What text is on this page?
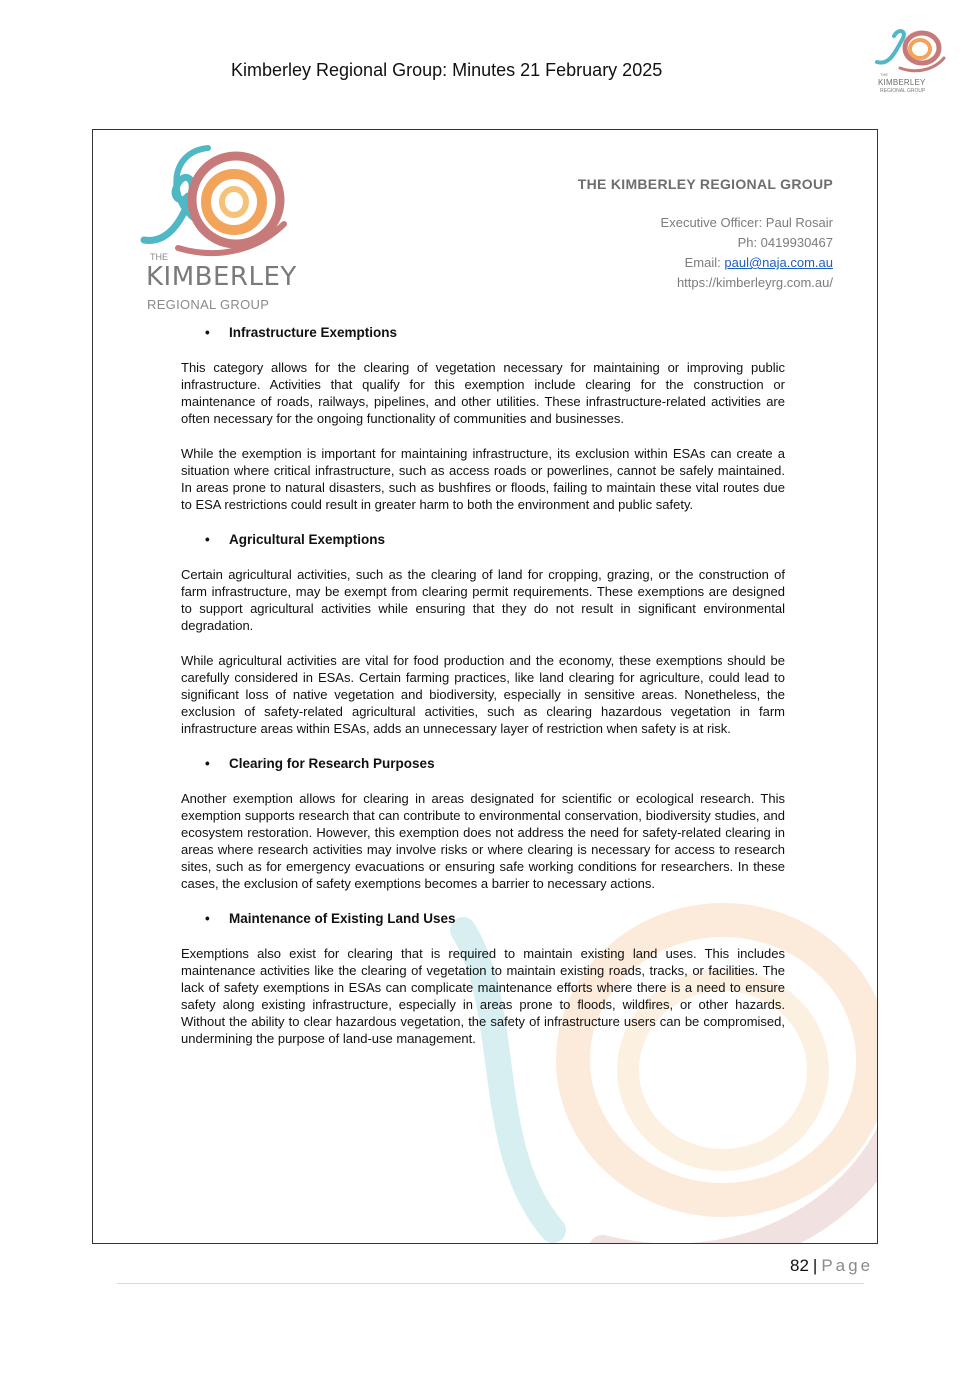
Kimberley Regional Group: Minutes 21 February 2025	THE
KIMBERLEY
REGIONAL GROUP
THE
KIMBERLEY
REGIONAL GROUP
THE KIMBERLEY REGIONAL GROUP
Executive Officer: Paul Rosair
Ph: 0419930467
Email: paul@naja.com.au
https://kimberleyrg.com.au/
•	Infrastructure Exemptions

This category allows for the clearing of vegetation necessary for maintaining or improving public infrastructure. Activities that qualify for this exemption include clearing for the construction or maintenance of roads, railways, pipelines, and other utilities. These infrastructure-related activities are often necessary for the ongoing functionality of communities and businesses.

While the exemption is important for maintaining infrastructure, its exclusion within ESAs can create a situation where critical infrastructure, such as access roads or powerlines, cannot be safely maintained. In areas prone to natural disasters, such as bushfires or floods, failing to maintain these vital routes due to ESA restrictions could result in greater harm to both the environment and public safety.

•	Agricultural Exemptions

Certain agricultural activities, such as the clearing of land for cropping, grazing, or the construction of farm infrastructure, may be exempt from clearing permit requirements. These exemptions are designed to support agricultural activities while ensuring that they do not result in significant environmental degradation.

While agricultural activities are vital for food production and the economy, these exemptions should be carefully considered in ESAs. Certain farming practices, like land clearing for agriculture, could lead to significant loss of native vegetation and biodiversity, especially in sensitive areas. Nonetheless, the exclusion of safety-related agricultural activities, such as clearing hazardous vegetation in farm infrastructure areas within ESAs, adds an unnecessary layer of restriction when safety is at risk.

•	Clearing for Research Purposes

Another exemption allows for clearing in areas designated for scientific or ecological research. This exemption supports research that can contribute to environmental conservation, biodiversity studies, and ecosystem restoration. However, this exemption does not address the need for safety-related clearing in areas where research activities may involve risks or where clearing is necessary for access to research sites, such as for emergency evacuations or ensuring safe working conditions for researchers. In these cases, the exclusion of safety exemptions becomes a barrier to necessary actions.

•	Maintenance of Existing Land Uses

Exemptions also exist for clearing that is required to maintain existing land uses. This includes maintenance activities like the clearing of vegetation to maintain existing roads, tracks, or facilities. The lack of safety exemptions in ESAs can complicate maintenance efforts where there is a need to ensure safety along existing infrastructure, especially in areas prone to floods, wildfires, or other hazards. Without the ability to clear hazardous vegetation, the safety of infrastructure users can be compromised, undermining the purpose of land-use management.

82 | Page
